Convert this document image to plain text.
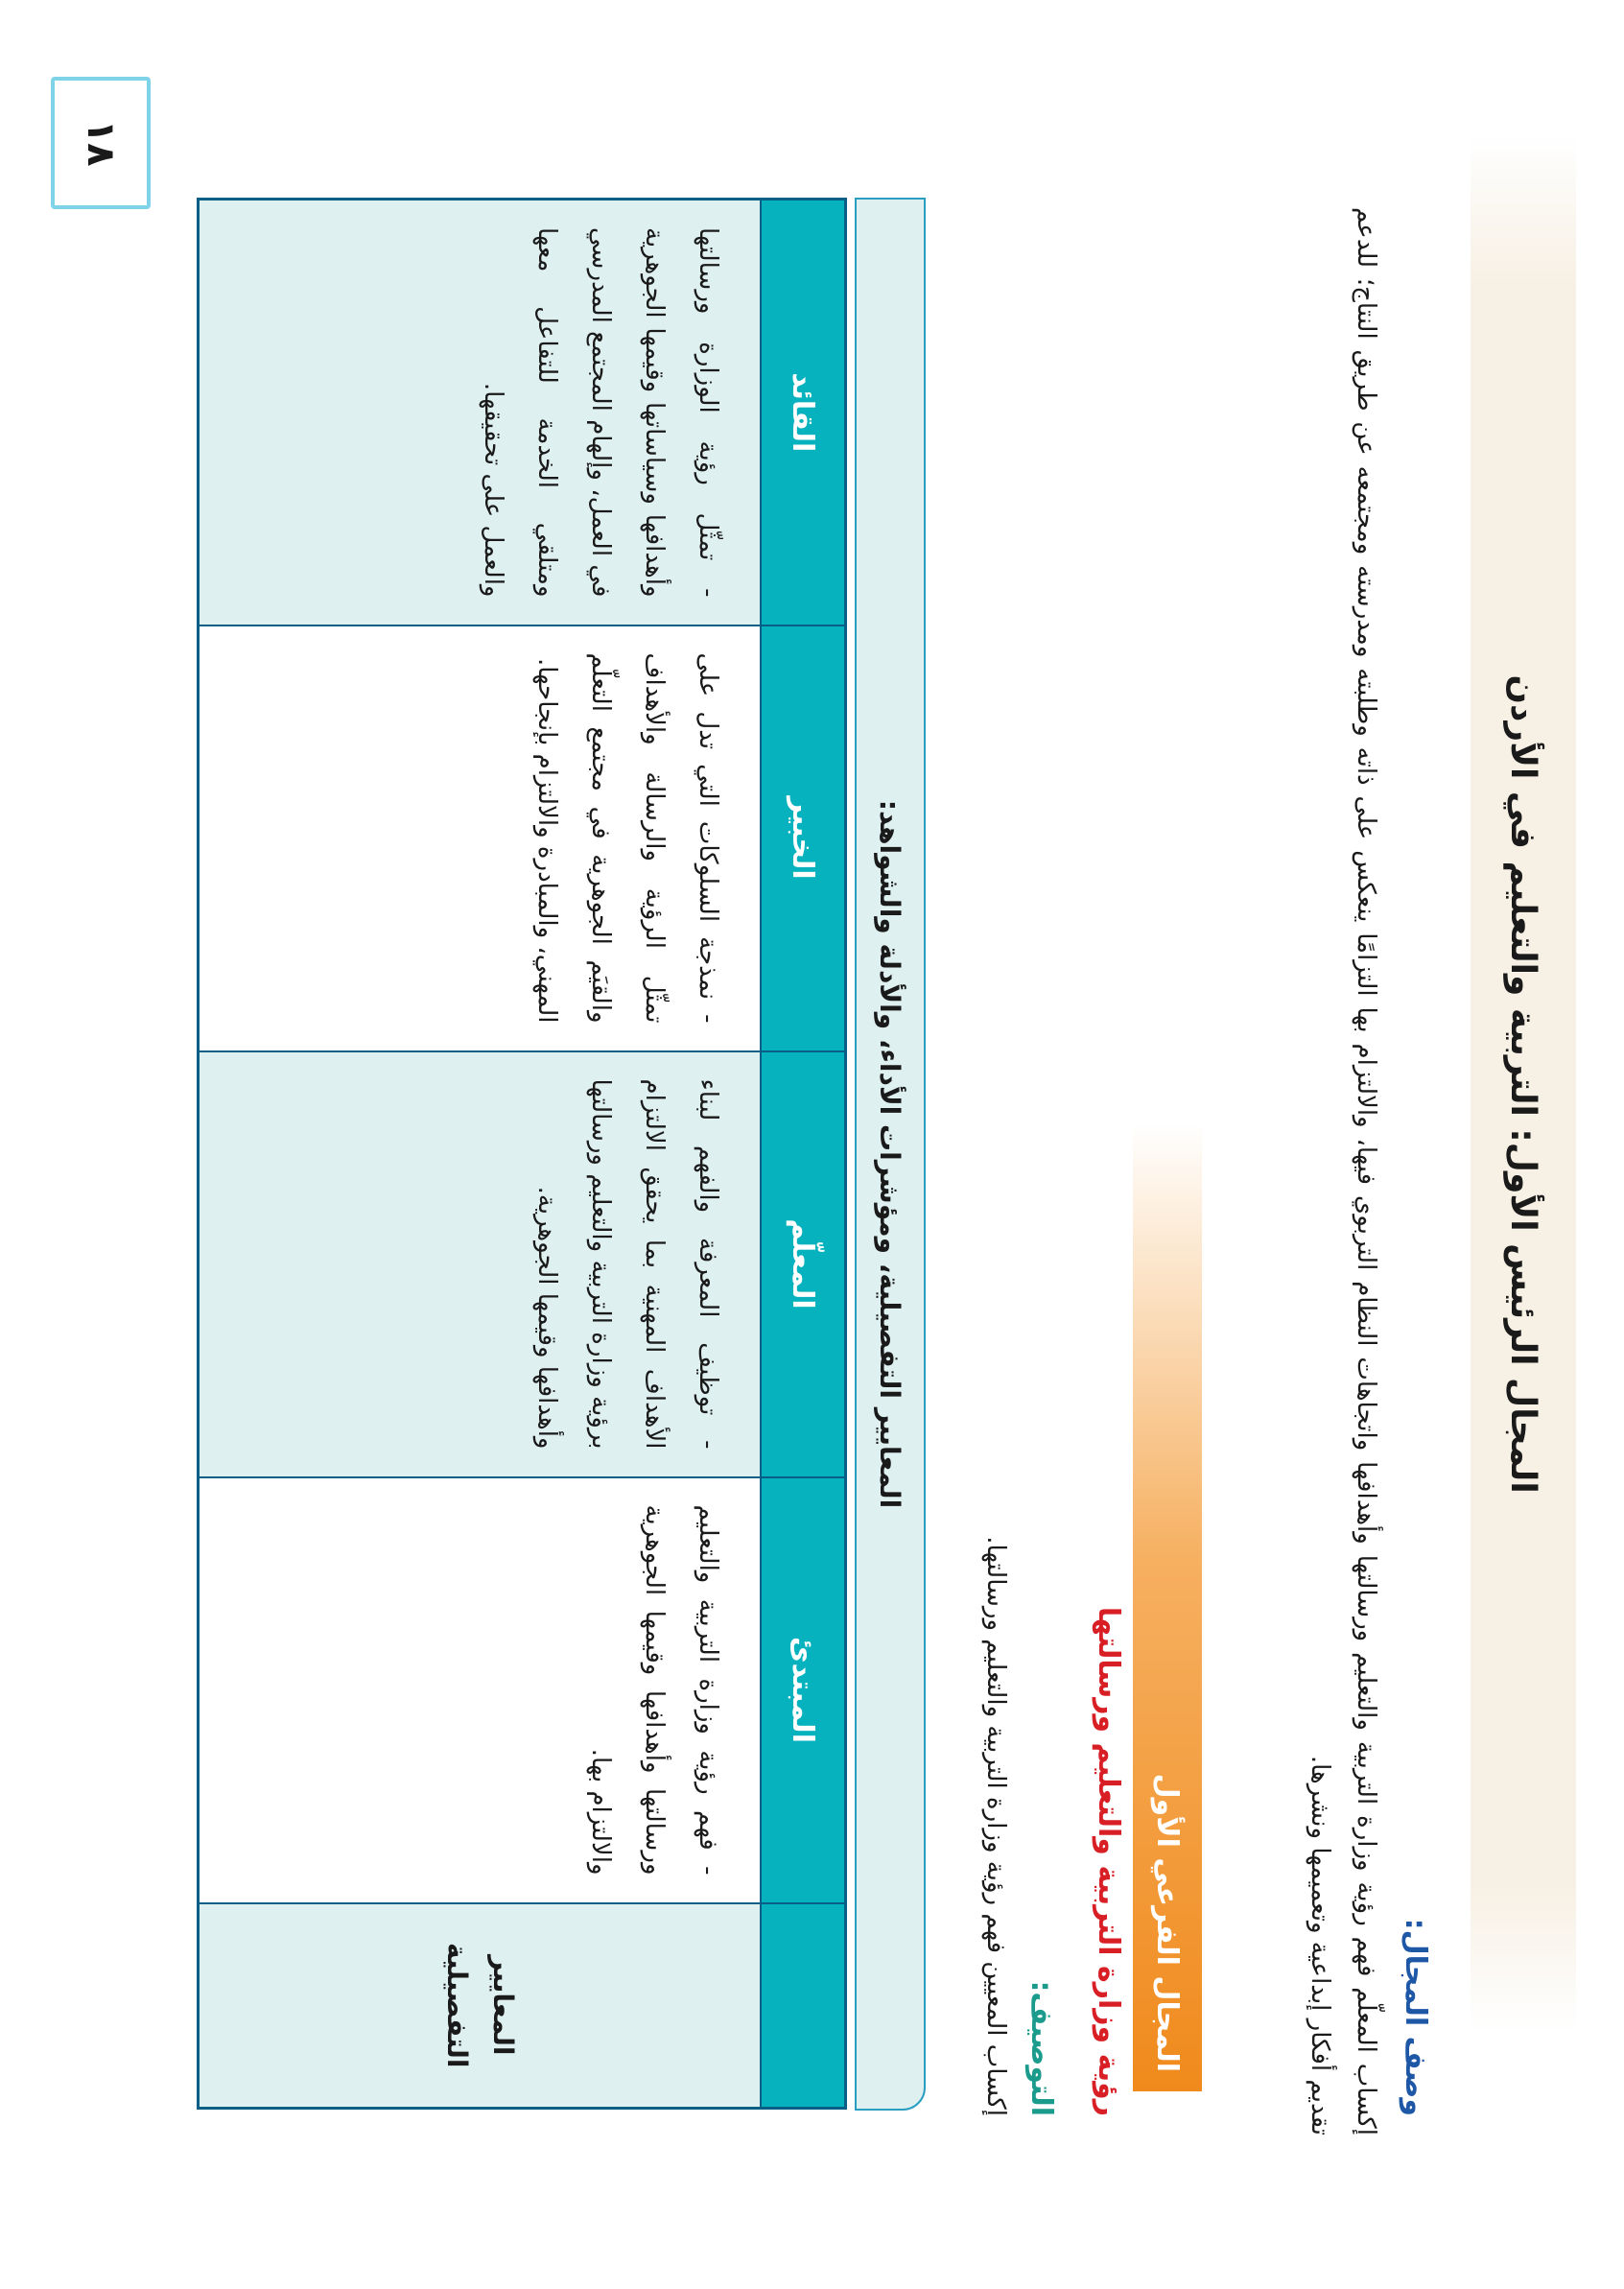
المجال الرئيس الأول: التربية والتعليم في الأردن
وصف المجال:
إكساب المعلّم فهم رؤية وزارة التربية والتعليم ورسالتها وأهدافها واتجاهات النظام التربوي فيها، والالتزام بها التزامًا ينعكس على ذاته وطلبته ومدرسته ومجتمعه عن طريق النتاج؛ للدعم تقديم أفكار إبداعية وتعميمها ونشرها.
المجال الفرعي الأول
رؤية وزارة التربية والتعليم ورسالتها
التوصيف:
إكساب المعيين فهم رؤية وزارة التربية والتعليم ورسالتها.
المعايير التفصيلية، ومؤشرات الأداء، والأدلة والشواهد:
	المبتدئ	المعلّم	الخبير	القائد
المعايير التفصيلية	- فهم رؤية وزارة التربية والتعليم ورسالتها وأهدافها وقيمها الجوهرية والالتزام بها.	- توظيف المعرفة والفهم لبناء الأهداف المهنية بما يحقق الالتزام برؤية وزارة التربية والتعليم ورسالتها وأهدافها وقيمها الجوهرية.	- نمذجة السلوكات التي تدل على تمثّل الرؤية والرسالة والأهداف والقيَم الجوهرية في مجتمع التعلّم المهني، والمبادرة والالتزام بإنجاحها.	- تمثّل رؤية الوزارة ورسالتها وأهدافها وسياساتها وقيمها الجوهرية في العمل، وإلهام المجتمع المدرسي ومتلقي الخدمة للتفاعل معها والعمل على تحقيقها.
١٨
